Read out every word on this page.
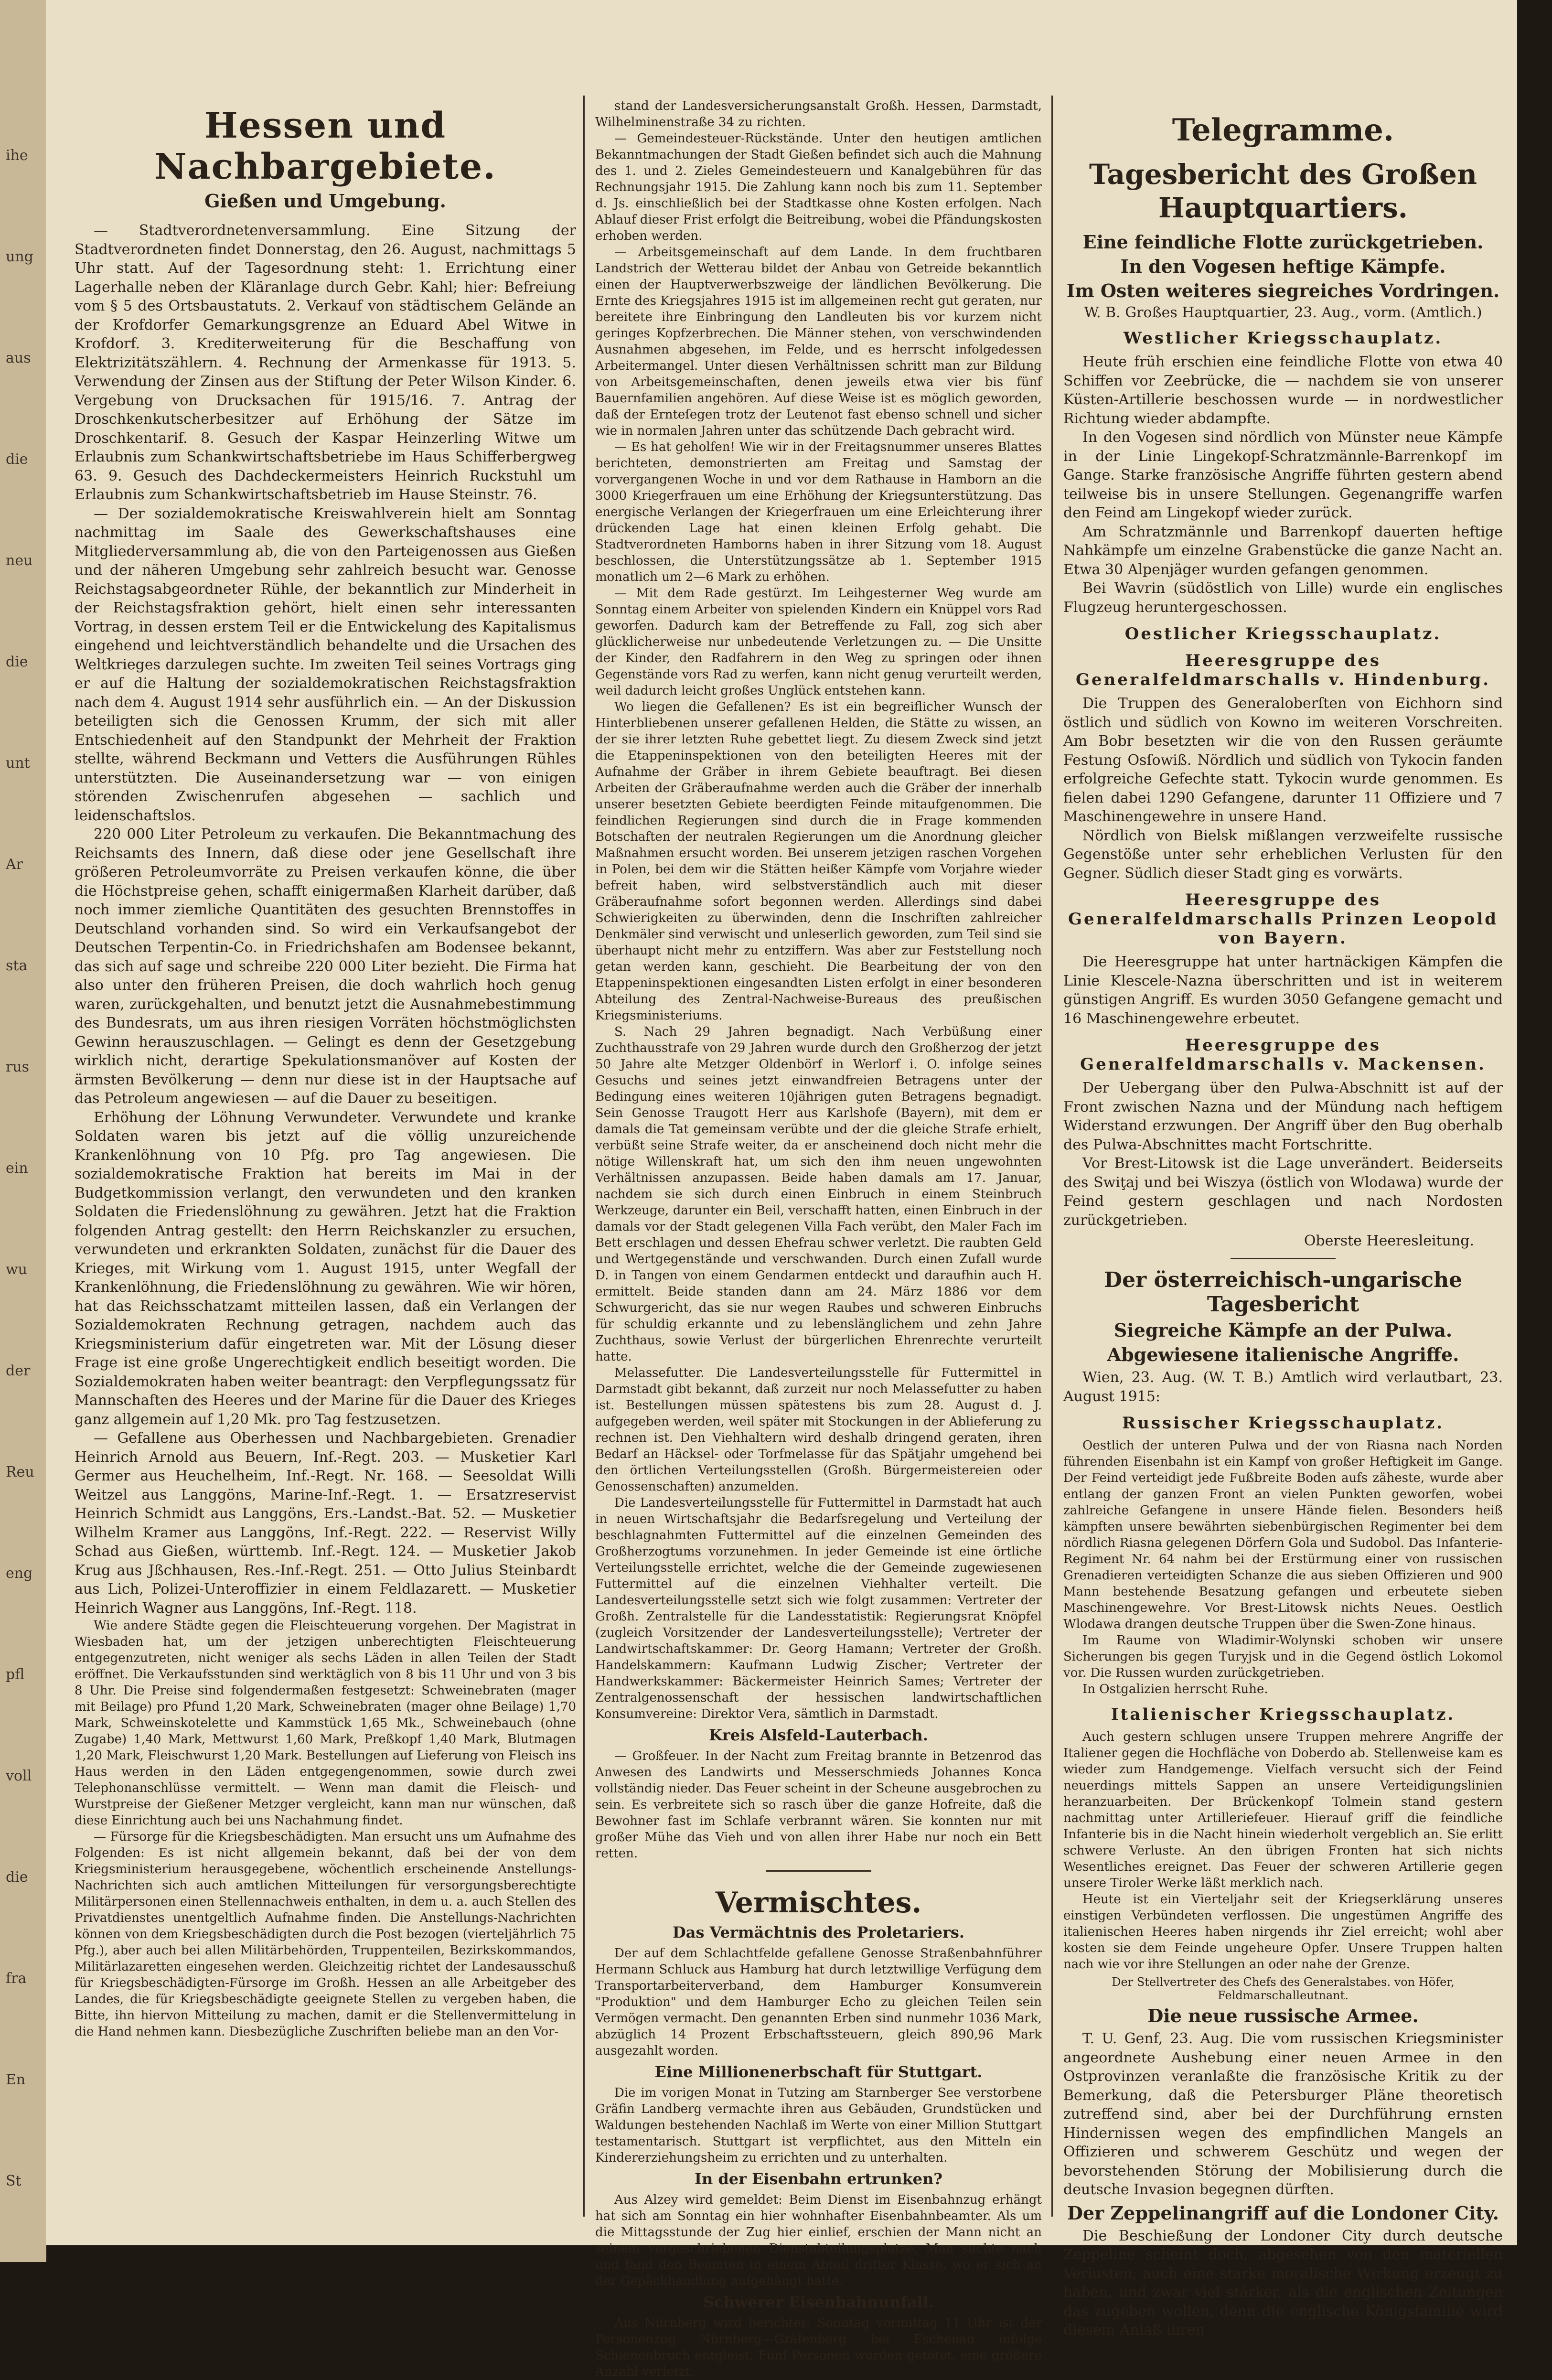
ihe
ung
aus
die
neu
die
unt
Ar
sta
rus
ein
wu
der
Reu
eng
pfl
voll
die
fra
En
St
Hessen und Nachbargebiete.
Gießen und Umgebung.

— Stadtverordnetenversammlung. Eine Sitzung der Stadtverordneten findet Donnerstag, den 26. August, nachmittags 5 Uhr statt. Auf der Tagesordnung steht: 1. Errichtung einer Lagerhalle neben der Kläranlage durch Gebr. Kahl; hier: Befreiung vom § 5 des Ortsbaustatuts. 2. Verkauf von städtischem Gelände an der Krofdorfer Gemarkungsgrenze an Eduard Abel Witwe in Krofdorf. 3. Krediterweiterung für die Beschaffung von Elektrizitätszählern. 4. Rechnung der Armenkasse für 1913. 5. Verwendung der Zinsen aus der Stiftung der Peter Wilson Kinder. 6. Vergebung von Drucksachen für 1915/16. 7. Antrag der Droschkenkutscherbesitzer auf Erhöhung der Sätze im Droschkentarif. 8. Gesuch der Kaspar Heinzerling Witwe um Erlaubnis zum Schankwirtschaftsbetriebe im Haus Schifferbergweg 63. 9. Gesuch des Dachdeckermeisters Heinrich Ruckstuhl um Erlaubnis zum Schankwirtschaftsbetrieb im Hause Steinstr. 76.

— Der sozialdemokratische Kreiswahlverein hielt am Sonntag nachmittag im Saale des Gewerkschaftshauses eine Mitgliederversammlung ab, die von den Parteigenossen aus Gießen und der näheren Umgebung sehr zahlreich besucht war. Genosse Reichstagsabgeordneter Rühle, der bekanntlich zur Minderheit in der Reichstagsfraktion gehört, hielt einen sehr interessanten Vortrag, in dessen erstem Teil er die Entwickelung des Kapitalismus eingehend und leichtverständlich behandelte und die Ursachen des Weltkrieges darzulegen suchte. Im zweiten Teil seines Vortrags ging er auf die Haltung der sozialdemokratischen Reichstagsfraktion nach dem 4. August 1914 sehr ausführlich ein. — An der Diskussion beteiligten sich die Genossen Krumm, der sich mit aller Entschiedenheit auf den Standpunkt der Mehrheit der Fraktion stellte, während Beckmann und Vetters die Ausführungen Rühles unterstützten. Die Auseinandersetzung war — von einigen störenden Zwischenrufen abgesehen — sachlich und leidenschaftslos.

220 000 Liter Petroleum zu verkaufen. Die Bekanntmachung des Reichsamts des Innern, daß diese oder jene Gesellschaft ihre größeren Petroleumvorräte zu Preisen verkaufen könne, die über die Höchstpreise gehen, schafft einigermaßen Klarheit darüber, daß noch immer ziemliche Quantitäten des gesuchten Brennstoffes in Deutschland vorhanden sind. So wird ein Verkaufsangebot der Deutschen Terpentin-Co. in Friedrichshafen am Bodensee bekannt, das sich auf sage und schreibe 220 000 Liter bezieht. Die Firma hat also unter den früheren Preisen, die doch wahrlich hoch genug waren, zurückgehalten, und benutzt jetzt die Ausnahmebestimmung des Bundesrats, um aus ihren riesigen Vorräten höchstmöglichsten Gewinn herauszuschlagen. — Gelingt es denn der Gesetzgebung wirklich nicht, derartige Spekulationsmanöver auf Kosten der ärmsten Bevölkerung — denn nur diese ist in der Hauptsache auf das Petroleum angewiesen — auf die Dauer zu beseitigen.

Erhöhung der Löhnung Verwundeter. Verwundete und kranke Soldaten waren bis jetzt auf die völlig unzureichende Krankenlöhnung von 10 Pfg. pro Tag angewiesen. Die sozialdemokratische Fraktion hat bereits im Mai in der Budgetkommission verlangt, den verwundeten und den kranken Soldaten die Friedenslöhnung zu gewähren. Jetzt hat die Fraktion folgenden Antrag gestellt: den Herrn Reichskanzler zu ersuchen, verwundeten und erkrankten Soldaten, zunächst für die Dauer des Krieges, mit Wirkung vom 1. August 1915, unter Wegfall der Krankenlöhnung, die Friedenslöhnung zu gewähren. Wie wir hören, hat das Reichsschatzamt mitteilen lassen, daß ein Verlangen der Sozialdemokraten Rechnung getragen, nachdem auch das Kriegsministerium dafür eingetreten war. Mit der Lösung dieser Frage ist eine große Ungerechtigkeit endlich beseitigt worden. Die Sozialdemokraten haben weiter beantragt: den Verpflegungssatz für Mannschaften des Heeres und der Marine für die Dauer des Krieges ganz allgemein auf 1,20 Mk. pro Tag festzusetzen.

— Gefallene aus Oberhessen und Nachbargebieten. Grenadier Heinrich Arnold aus Beuern, Inf.-Regt. 203. — Musketier Karl Germer aus Heuchelheim, Inf.-Regt. Nr. 168. — Seesoldat Willi Weitzel aus Langgöns, Marine-Inf.-Regt. 1. — Ersatzreservist Heinrich Schmidt aus Langgöns, Ers.-Landst.-Bat. 52. — Musketier Wilhelm Kramer aus Langgöns, Inf.-Regt. 222. — Reservist Willy Schad aus Gießen, württemb. Inf.-Regt. 124. — Musketier Jakob Krug aus Jßchhausen, Res.-Inf.-Regt. 251. — Otto Julius Steinbardt aus Lich, Polizei-Unteroffizier in einem Feldlazarett. — Musketier Heinrich Wagner aus Langgöns, Inf.-Regt. 118.

Wie andere Städte gegen die Fleischteuerung vorgehen. Der Magistrat in Wiesbaden hat, um der jetzigen unberechtigten Fleischteuerung entgegenzutreten, nicht weniger als sechs Läden in allen Teilen der Stadt eröffnet. Die Verkaufsstunden sind werktäglich von 8 bis 11 Uhr und von 3 bis 8 Uhr. Die Preise sind folgendermaßen festgesetzt: Schweinebraten (mager mit Beilage) pro Pfund 1,20 Mark, Schweinebraten (mager ohne Beilage) 1,70 Mark, Schweinskotelette und Kammstück 1,65 Mk., Schweinebauch (ohne Zugabe) 1,40 Mark, Mettwurst 1,60 Mark, Preßkopf 1,40 Mark, Blutmagen 1,20 Mark, Fleischwurst 1,20 Mark. Bestellungen auf Lieferung von Fleisch ins Haus werden in den Läden entgegengenommen, sowie durch zwei Telephonanschlüsse vermittelt. — Wenn man damit die Fleisch- und Wurstpreise der Gießener Metzger vergleicht, kann man nur wünschen, daß diese Einrichtung auch bei uns Nachahmung findet.

— Fürsorge für die Kriegsbeschädigten. Man ersucht uns um Aufnahme des Folgenden: Es ist nicht allgemein bekannt, daß bei der von dem Kriegsministerium herausgegebene, wöchentlich erscheinende Anstellungs-Nachrichten sich auch amtlichen Mitteilungen für versorgungsberechtigte Militärpersonen einen Stellennachweis enthalten, in dem u. a. auch Stellen des Privatdienstes unentgeltlich Aufnahme finden. Die Anstellungs-Nachrichten können von dem Kriegsbeschädigten durch die Post bezogen (vierteljährlich 75 Pfg.), aber auch bei allen Militärbehörden, Truppenteilen, Bezirkskommandos, Militärlazaretten eingesehen werden. Gleichzeitig richtet der Landesausschuß für Kriegsbeschädigten-Fürsorge im Großh. Hessen an alle Arbeitgeber des Landes, die für Kriegsbeschädigte geeignete Stellen zu vergeben haben, die Bitte, ihn hiervon Mitteilung zu machen, damit er die Stellenvermittelung in die Hand nehmen kann. Diesbezügliche Zuschriften beliebe man an den Vor-

stand der Landesversicherungsanstalt Großh. Hessen, Darmstadt, Wilhelminenstraße 34 zu richten.

— Gemeindesteuer-Rückstände. Unter den heutigen amtlichen Bekanntmachungen der Stadt Gießen befindet sich auch die Mahnung des 1. und 2. Zieles Gemeindesteuern und Kanalgebühren für das Rechnungsjahr 1915. Die Zahlung kann noch bis zum 11. September d. Js. einschließlich bei der Stadtkasse ohne Kosten erfolgen. Nach Ablauf dieser Frist erfolgt die Beitreibung, wobei die Pfändungskosten erhoben werden.

— Arbeitsgemeinschaft auf dem Lande. In dem fruchtbaren Landstrich der Wetterau bildet der Anbau von Getreide bekanntlich einen der Hauptverwerbszweige der ländlichen Bevölkerung. Die Ernte des Kriegsjahres 1915 ist im allgemeinen recht gut geraten, nur bereitete ihre Einbringung den Landleuten bis vor kurzem nicht geringes Kopfzerbrechen. Die Männer stehen, von verschwindenden Ausnahmen abgesehen, im Felde, und es herrscht infolgedessen Arbeitermangel. Unter diesen Verhältnissen schritt man zur Bildung von Arbeitsgemeinschaften, denen jeweils etwa vier bis fünf Bauernfamilien angehören. Auf diese Weise ist es möglich geworden, daß der Ernteſegen trotz der Leutenot fast ebenso schnell und sicher wie in normalen Jahren unter das schützende Dach gebracht wird.

— Es hat geholfen! Wie wir in der Freitagsnummer unseres Blattes berichteten, demonstrierten am Freitag und Samstag der vorvergangenen Woche in und vor dem Rathause in Hamborn an die 3000 Kriegerfrauen um eine Erhöhung der Kriegsunterstützung. Das energische Verlangen der Kriegerfrauen um eine Erleichterung ihrer drückenden Lage hat einen kleinen Erfolg gehabt. Die Stadtverordneten Hamborns haben in ihrer Sitzung vom 18. August beschlossen, die Unterstützungssätze ab 1. September 1915 monatlich um 2—6 Mark zu erhöhen.

— Mit dem Rade gestürzt. Im Leihgesterner Weg wurde am Sonntag einem Arbeiter von spielenden Kindern ein Knüppel vors Rad geworfen. Dadurch kam der Betreffende zu Fall, zog sich aber glücklicherweise nur unbedeutende Verletzungen zu. — Die Unsitte der Kinder, den Radfahrern in den Weg zu springen oder ihnen Gegenstände vors Rad zu werfen, kann nicht genug verurteilt werden, weil dadurch leicht großes Unglück entstehen kann.

Wo liegen die Gefallenen? Es ist ein begreiflicher Wunsch der Hinterbliebenen unserer gefallenen Helden, die Stätte zu wissen, an der sie ihrer letzten Ruhe gebettet liegt. Zu diesem Zweck sind jetzt die Etappeninspektionen von den beteiligten Heeres mit der Aufnahme der Gräber in ihrem Gebiete beauftragt. Bei diesen Arbeiten der Gräberaufnahme werden auch die Gräber der innerhalb unserer besetzten Gebiete beerdigten Feinde mitaufgenommen. Die feindlichen Regierungen sind durch die in Frage kommenden Botschaften der neutralen Regierungen um die Anordnung gleicher Maßnahmen ersucht worden. Bei unserem jetzigen raschen Vorgehen in Polen, bei dem wir die Stätten heißer Kämpfe vom Vorjahre wieder befreit haben, wird selbstverständlich auch mit dieser Gräberaufnahme sofort begonnen werden. Allerdings sind dabei Schwierigkeiten zu überwinden, denn die Inschriften zahlreicher Denkmäler sind verwischt und unleserlich geworden, zum Teil sind sie überhaupt nicht mehr zu entziffern. Was aber zur Feststellung noch getan werden kann, geschieht. Die Bearbeitung der von den Etappeninspektionen eingesandten Listen erfolgt in einer besonderen Abteilung des Zentral-Nachweise-Bureaus des preußischen Kriegsministeriums.

S. Nach 29 Jahren begnadigt. Nach Verbüßung einer Zuchthausstrafe von 29 Jahren wurde durch den Großherzog der jetzt 50 Jahre alte Metzger Oldenbörf in Werlorf i. O. infolge seines Gesuchs und seines jetzt einwandfreien Betragens unter der Bedingung eines weiteren 10jährigen guten Betragens begnadigt. Sein Genosse Traugott Herr aus Karlshofe (Bayern), mit dem er damals die Tat gemeinsam verübte und der die gleiche Strafe erhielt, verbüßt seine Strafe weiter, da er anscheinend doch nicht mehr die nötige Willenskraft hat, um sich den ihm neuen ungewohnten Verhältnissen anzupassen. Beide haben damals am 17. Januar, nachdem sie sich durch einen Einbruch in einem Steinbruch Werkzeuge, darunter ein Beil, verschafft hatten, einen Einbruch in der damals vor der Stadt gelegenen Villa Fach verübt, den Maler Fach im Bett erschlagen und dessen Ehefrau schwer verletzt. Die raubten Geld und Wertgegenstände und verschwanden. Durch einen Zufall wurde D. in Tangen von einem Gendarmen entdeckt und daraufhin auch H. ermittelt. Beide standen dann am 24. März 1886 vor dem Schwurgericht, das sie nur wegen Raubes und schweren Einbruchs für schuldig erkannte und zu lebenslänglichem und zehn Jahre Zuchthaus, sowie Verlust der bürgerlichen Ehrenrechte verurteilt hatte.

Melassefutter. Die Landesverteilungsstelle für Futtermittel in Darmstadt gibt bekannt, daß zurzeit nur noch Melassefutter zu haben ist. Bestellungen müssen spätestens bis zum 28. August d. J. aufgegeben werden, weil später mit Stockungen in der Ablieferung zu rechnen ist. Den Viehhaltern wird deshalb dringend geraten, ihren Bedarf an Häcksel- oder Torfmelasse für das Spätjahr umgehend bei den örtlichen Verteilungsstellen (Großh. Bürgermeistereien oder Genossenschaften) anzumelden.

Die Landesverteilungsstelle für Futtermittel in Darmstadt hat auch in neuen Wirtschaftsjahr die Bedarfsregelung und Verteilung der beschlagnahmten Futtermittel auf die einzelnen Gemeinden des Großherzogtums vorzunehmen. In jeder Gemeinde ist eine örtliche Verteilungsstelle errichtet, welche die der Gemeinde zugewiesenen Futtermittel auf die einzelnen Viehhalter verteilt. Die Landesverteilungsstelle setzt sich wie folgt zusammen: Vertreter der Großh. Zentralstelle für die Landesstatistik: Regierungsrat Knöpfel (zugleich Vorsitzender der Landesverteilungsstelle); Vertreter der Landwirtschaftskammer: Dr. Georg Hamann; Vertreter der Großh. Handelskammern: Kaufmann Ludwig Zischer; Vertreter der Handwerkskammer: Bäckermeister Heinrich Sames; Vertreter der Zentralgenossenschaft der hessischen landwirtschaftlichen Konsumvereine: Direktor Vera, sämtlich in Darmstadt.

Kreis Alsfeld-Lauterbach.

— Großfeuer. In der Nacht zum Freitag brannte in Betzenrod das Anwesen des Landwirts und Messerschmieds Johannes Konca vollständig nieder. Das Feuer scheint in der Scheune ausgebrochen zu sein. Es verbreitete sich so rasch über die ganze Hofreite, daß die Bewohner fast im Schlafe verbrannt wären. Sie konnten nur mit großer Mühe das Vieh und von allen ihrer Habe nur noch ein Bett retten.

Vermischtes.
Das Vermächtnis des Proletariers.

Der auf dem Schlachtfelde gefallene Genosse Straßenbahnführer Hermann Schluck aus Hamburg hat durch letztwillige Verfügung dem Transportarbeiterverband, dem Hamburger Konsumverein "Produktion" und dem Hamburger Echo zu gleichen Teilen sein Vermögen vermacht. Den genannten Erben sind nunmehr 1036 Mark, abzüglich 14 Prozent Erbschaftssteuern, gleich 890,96 Mark ausgezahlt worden.

Eine Millionenerbschaft für Stuttgart.

Die im vorigen Monat in Tutzing am Starnberger See verstorbene Gräfin Landberg vermachte ihren aus Gebäuden, Grundstücken und Waldungen bestehenden Nachlaß im Werte von einer Million Stuttgart testamentarisch. Stuttgart ist verpflichtet, aus den Mitteln ein Kindererziehungsheim zu errichten und zu unterhalten.

In der Eisenbahn ertrunken?

Aus Alzey wird gemeldet: Beim Dienst im Eisenbahnzug erhängt hat sich am Sonntag ein hier wohnhafter Eisenbahnbeamter. Als um die Mittagsstunde der Zug hier einlief, erschien der Mann nicht an seinem vorgeschriebenen Dienstabteilungsplatze. Man suchte nach und fand den Beamten in einem Abteil dritter Klasse, wo er sich an der Gepäckhandlung aufgehängt hatte.

Schwerer Eisenbahnunfall.

Aus Nürnberg wird berichtet: Sonntag vormittag 11 Uhr ist der Personenzug Nürnberg—Gräfenberg bei Eschenau infolge Schienenbruch entgleist. Fünf Personen wurden getötet, eine größere Anzahl verletzt.

Telegramme.
Tagesbericht des Großen Hauptquartiers.
Eine feindliche Flotte zurückgetrieben.
In den Vogesen heftige Kämpfe.
Im Osten weiteres siegreiches Vordringen.
W. B. Großes Hauptquartier, 23. Aug., vorm. (Amtlich.)
Westlicher Kriegsschauplatz.

Heute früh erschien eine feindliche Flotte von etwa 40 Schiffen vor Zeebrücke, die — nachdem sie von unserer Küsten-Artillerie beschossen wurde — in nordwestlicher Richtung wieder abdampfte.

In den Vogesen sind nördlich von Münster neue Kämpfe in der Linie Lingekopf-Schratzmännle-Barrenkopf im Gange. Starke französische Angriffe führten gestern abend teilweise bis in unsere Stellungen. Gegenangriffe warfen den Feind am Lingekopf wieder zurück.

Am Schratzmännle und Barrenkopf dauerten heftige Nahkämpfe um einzelne Grabenstücke die ganze Nacht an. Etwa 30 Alpenjäger wurden gefangen genommen.

Bei Wavrin (südöstlich von Lille) wurde ein englisches Flugzeug heruntergeschossen.

Oestlicher Kriegsschauplatz.
Heeresgruppe des Generalfeldmarschalls v. Hindenburg.

Die Truppen des Generaloberſten von Eichhorn sind östlich und südlich von Kowno im weiteren Vorschreiten. Am Bobr besetzten wir die von den Russen geräumte Festung Osſowiß. Nördlich und südlich von Tykocin fanden erfolgreiche Gefechte statt. Tykocin wurde genommen. Es fielen dabei 1290 Gefangene, darunter 11 Offiziere und 7 Maschinengewehre in unsere Hand.

Nördlich von Bielsk mißlangen verzweifelte russische Gegenstöße unter sehr erheblichen Verlusten für den Gegner. Südlich dieser Stadt ging es vorwärts.

Heeresgruppe des Generalfeldmarschalls Prinzen Leopold von Bayern.

Die Heeresgruppe hat unter hartnäckigen Kämpfen die Linie Klescele-Nazna überschritten und ist in weiterem günstigen Angriff. Es wurden 3050 Gefangene gemacht und 16 Maschinengewehre erbeutet.

Heeresgruppe des Generalfeldmarschalls v. Mackensen.

Der Uebergang über den Pulwa-Abschnitt ist auf der Front zwischen Nazna und der Mündung nach heftigem Widerstand erzwungen. Der Angriff über den Bug oberhalb des Pulwa-Abschnittes macht Fortschritte.

Vor Brest-Litowsk ist die Lage unverändert. Beiderseits des Swiţaj und bei Wiszya (östlich von Wlodawa) wurde der Feind gestern geschlagen und nach Nordosten zurückgetrieben.

Oberste Heeresleitung.
Der österreichisch-ungarische Tagesbericht
Siegreiche Kämpfe an der Pulwa.
Abgewiesene italienische Angriffe.

Wien, 23. Aug. (W. T. B.) Amtlich wird verlautbart, 23. August 1915:

Russischer Kriegsschauplatz.

Oestlich der unteren Pulwa und der von Riasna nach Norden führenden Eisenbahn ist ein Kampf von großer Heftigkeit im Gange. Der Feind verteidigt jede Fußbreite Boden aufs zäheste, wurde aber entlang der ganzen Front an vielen Punkten geworfen, wobei zahlreiche Gefangene in unsere Hände fielen. Besonders heiß kämpften unsere bewährten siebenbürgischen Regimenter bei dem nördlich Riasna gelegenen Dörfern Gola und Sudobol. Das Infanterie-Regiment Nr. 64 nahm bei der Erstürmung einer von russischen Grenadieren verteidigten Schanze die aus sieben Offizieren und 900 Mann bestehende Besatzung gefangen und erbeutete sieben Maschinengewehre. Vor Brest-Litowsk nichts Neues. Oestlich Wlodawa drangen deutsche Truppen über die Swen-Zone hinaus.

Im Raume von Wladimir-Wolynski schoben wir unsere Sicherungen bis gegen Turyjsk und in die Gegend östlich Lokomol vor. Die Russen wurden zurückgetrieben.

In Ostgalizien herrscht Ruhe.

Italienischer Kriegsschauplatz.

Auch gestern schlugen unsere Truppen mehrere Angriffe der Italiener gegen die Hochfläche von Doberdo ab. Stellenweise kam es wieder zum Handgemenge. Vielfach versucht sich der Feind neuerdings mittels Sappen an unsere Verteidigungslinien heranzuarbeiten. Der Brückenkopf Tolmein stand gestern nachmittag unter Artilleriefeuer. Hierauf griff die feindliche Infanterie bis in die Nacht hinein wiederholt vergeblich an. Sie erlitt schwere Verluste. An den übrigen Fronten hat sich nichts Wesentliches ereignet. Das Feuer der schweren Artillerie gegen unsere Tiroler Werke läßt merklich nach.

Heute ist ein Vierteljahr seit der Kriegserklärung unseres einstigen Verbündeten verflossen. Die ungestümen Angriffe des italienischen Heeres haben nirgends ihr Ziel erreicht; wohl aber kosten sie dem Feinde ungeheure Opfer. Unsere Truppen halten nach wie vor ihre Stellungen an oder nahe der Grenze.

Der Stellvertreter des Chefs des Generalstabes. von Höfer, Feldmarschalleutnant.
Die neue russische Armee.

T. U. Genf, 23. Aug. Die vom russischen Kriegsminister angeordnete Aushebung einer neuen Armee in den Ostprovinzen veranlaßte die französische Kritik zu der Bemerkung, daß die Petersburger Pläne theoretisch zutreffend sind, aber bei der Durchführung ernsten Hindernissen wegen des empfindlichen Mangels an Offizieren und schwerem Geschütz und wegen der bevorstehenden Störung der Mobilisierung durch die deutsche Invasion begegnen dürften.

Der Zeppelinangriff auf die Londoner City.

Die Beschießung der Londoner City durch deutsche Zeppeline scheint doch, abgesehen von den materiellen Verlusten, auch eine starke moralische Wirkung erzeugt zu haben, und zwar viel stärker, als die englischen Zeitungen das zugeben wollen, denn die englische Königsfamilie wird diesem Anlaß ihren
